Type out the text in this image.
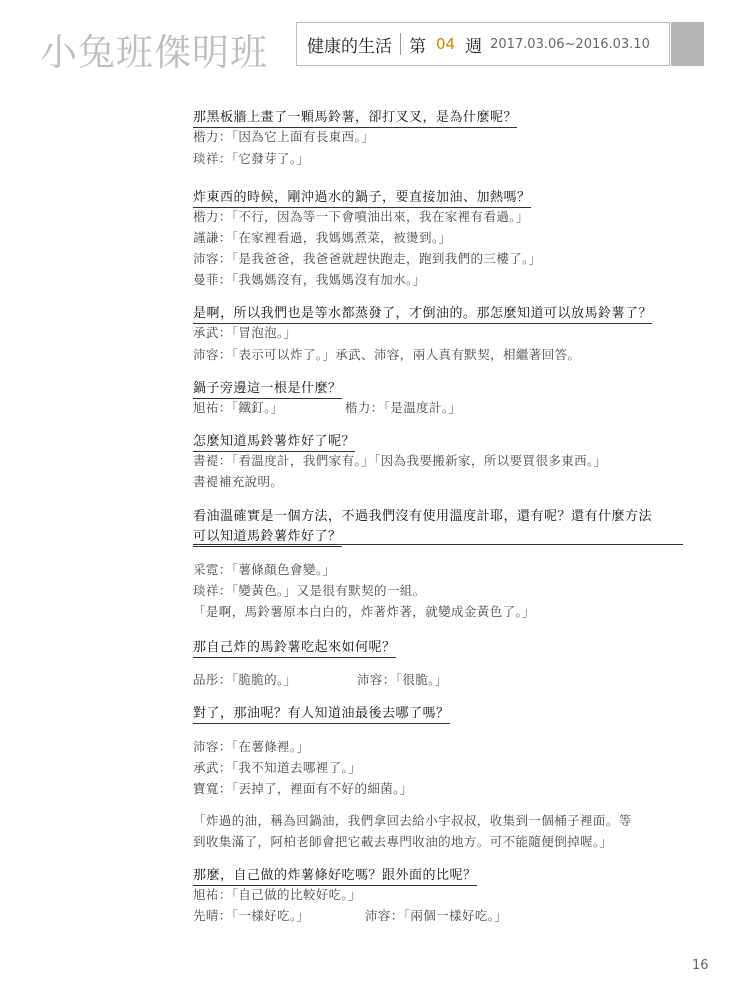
小兔班傑明班 健康的生活 第 04 週 2017.03.06~2016.03.10
那黑板牆上畫了一顆馬鈴薯，卻打叉叉，是為什麼呢？
楷力：「因為它上面有長東西。」
琰祥：「它發芽了。」
炸東西的時候，剛沖過水的鍋子，要直接加油、加熱嗎？
楷力：「不行，因為等一下會噴油出來，我在家裡有看過。」
謹謙：「在家裡看過，我媽媽煮菜，被燙到。」
沛容：「是我爸爸，我爸爸就趕快跑走，跑到我們的三樓了。」
曼菲：「我媽媽沒有，我媽媽沒有加水。」
是啊，所以我們也是等水都蒸發了，才倒油的。那怎麼知道可以放馬鈴薯了？
承武：「冒泡泡。」
沛容：「表示可以炸了。」承武、沛容，兩人真有默契，相繼著回答。
鍋子旁邊這一根是什麼？
旭祐：「鐵釘。」	楷力：「是溫度計。」
怎麼知道馬鈴薯炸好了呢？
書褆：「看溫度計，我們家有。」「因為我要搬新家，所以要買很多東西。」
書褆補充說明。
看油溫確實是一個方法，不過我們沒有使用溫度計耶，還有呢？還有什麼方法
可以知道馬鈴薯炸好了？
采霓：「薯條顏色會變。」
琰祥：「變黃色。」又是很有默契的一組。
「是啊，馬鈴薯原本白白的，炸著炸著，就變成金黃色了。」
那自己炸的馬鈴薯吃起來如何呢？
品彤：「脆脆的。」	沛容：「很脆。」
對了，那油呢？有人知道油最後去哪了嗎？
沛容：「在薯條裡。」
承武：「我不知道去哪裡了。」
寶寬：「丟掉了，裡面有不好的細菌。」
「炸過的油，稱為回鍋油，我們拿回去給小宇叔叔，收集到一個桶子裡面。等
到收集滿了，阿柏老師會把它載去專門收油的地方。可不能隨便倒掉喔。」
那麼，自己做的炸薯條好吃嗎？跟外面的比呢？
旭祐：「自己做的比較好吃。」
先晴：「一樣好吃。」	沛容：「兩個一樣好吃。」
16
